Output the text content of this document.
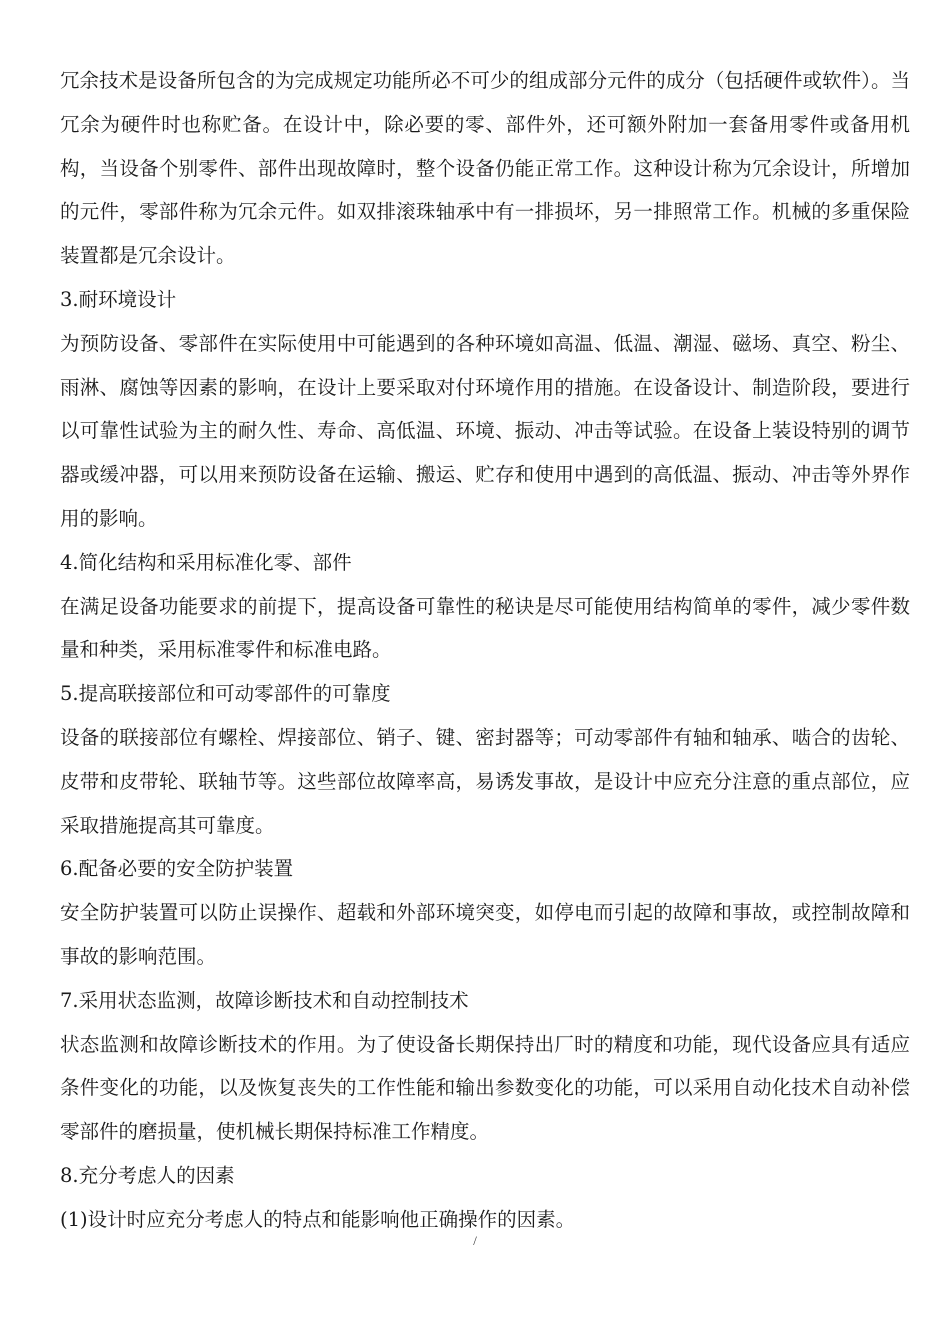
冗余技术是设备所包含的为完成规定功能所必不可少的组成部分元件的成分（包括硬件或软件）。当冗余为硬件时也称贮备。在设计中，除必要的零、部件外，还可额外附加一套备用零件或备用机构，当设备个别零件、部件出现故障时，整个设备仍能正常工作。这种设计称为冗余设计，所增加的元件，零部件称为冗余元件。如双排滚珠轴承中有一排损坏，另一排照常工作。机械的多重保险装置都是冗余设计。

3.耐环境设计

为预防设备、零部件在实际使用中可能遇到的各种环境如高温、低温、潮湿、磁场、真空、粉尘、雨淋、腐蚀等因素的影响，在设计上要采取对付环境作用的措施。在设备设计、制造阶段，要进行以可靠性试验为主的耐久性、寿命、高低温、环境、振动、冲击等试验。在设备上装设特别的调节器或缓冲器，可以用来预防设备在运输、搬运、贮存和使用中遇到的高低温、振动、冲击等外界作用的影响。

4.简化结构和采用标准化零、部件

在满足设备功能要求的前提下，提高设备可靠性的秘诀是尽可能使用结构简单的零件，减少零件数量和种类，采用标准零件和标准电路。

5.提高联接部位和可动零部件的可靠度

设备的联接部位有螺栓、焊接部位、销子、键、密封器等；可动零部件有轴和轴承、啮合的齿轮、皮带和皮带轮、联轴节等。这些部位故障率高，易诱发事故，是设计中应充分注意的重点部位，应采取措施提高其可靠度。

6.配备必要的安全防护装置

安全防护装置可以防止误操作、超载和外部环境突变，如停电而引起的故障和事故，或控制故障和事故的影响范围。

7.采用状态监测，故障诊断技术和自动控制技术

状态监测和故障诊断技术的作用。为了使设备长期保持出厂时的精度和功能，现代设备应具有适应条件变化的功能，以及恢复丧失的工作性能和输出参数变化的功能，可以采用自动化技术自动补偿零部件的磨损量，使机械长期保持标准工作精度。

8.充分考虑人的因素

(1)设计时应充分考虑人的特点和能影响他正确操作的因素。

/
